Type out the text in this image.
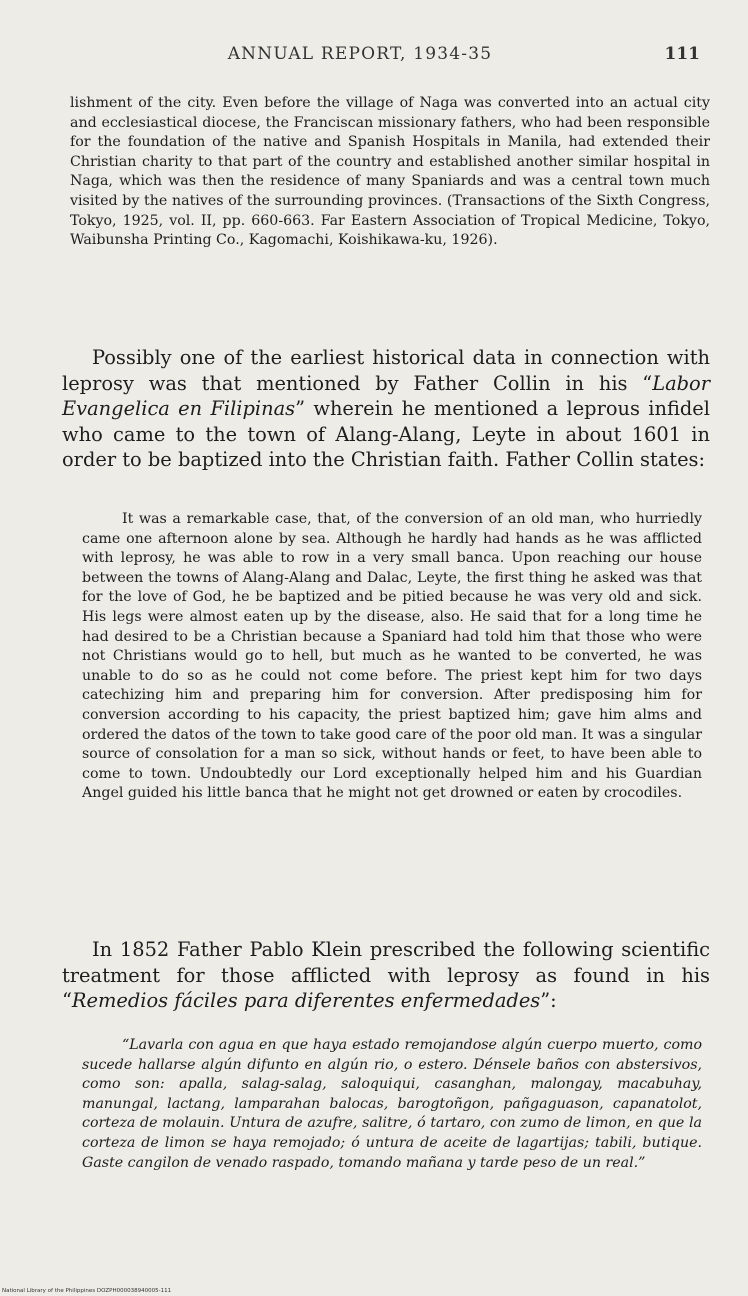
ANNUAL REPORT, 1934-35	111

lishment of the city. Even before the village of Naga was converted into an actual city and ecclesiastical diocese, the Franciscan missionary fathers, who had been responsible for the foundation of the native and Spanish Hospitals in Manila, had extended their Christian charity to that part of the country and established another similar hospital in Naga, which was then the residence of many Spaniards and was a central town much visited by the natives of the surrounding provinces. (Transactions of the Sixth Congress, Tokyo, 1925, vol. II, pp. 660-663. Far Eastern Association of Tropical Medicine, Tokyo, Waibunsha Printing Co., Kagomachi, Koishikawa-ku, 1926).

Possibly one of the earliest historical data in connection with leprosy was that mentioned by Father Collin in his “Labor Evangelica en Filipinas” wherein he mentioned a leprous infidel who came to the town of Alang-Alang, Leyte in about 1601 in order to be baptized into the Christian faith. Father Collin states:

It was a remarkable case, that, of the conversion of an old man, who hurriedly came one afternoon alone by sea. Although he hardly had hands as he was afflicted with leprosy, he was able to row in a very small banca. Upon reaching our house between the towns of Alang-Alang and Dalac, Leyte, the first thing he asked was that for the love of God, he be baptized and be pitied because he was very old and sick. His legs were almost eaten up by the disease, also. He said that for a long time he had desired to be a Christian because a Spaniard had told him that those who were not Christians would go to hell, but much as he wanted to be converted, he was unable to do so as he could not come before. The priest kept him for two days catechizing him and preparing him for conversion. After predisposing him for conversion according to his capacity, the priest baptized him; gave him alms and ordered the datos of the town to take good care of the poor old man. It was a singular source of consolation for a man so sick, without hands or feet, to have been able to come to town. Undoubtedly our Lord exceptionally helped him and his Guardian Angel guided his little banca that he might not get drowned or eaten by crocodiles.

In 1852 Father Pablo Klein prescribed the following scientific treatment for those afflicted with leprosy as found in his “Remedios fáciles para diferentes enfermedades”:

“Lavarla con agua en que haya estado remojandose algún cuerpo muerto, como sucede hallarse algún difunto en algún rio, o estero. Dénsele baños con abstersivos, como son: apalla, salag-salag, saloquiqui, casanghan, malongay, macabuhay, manungal, lactang, lamparahan balocas, barogtoñgon, pañgaguason, capanatolot, corteza de molauin. Untura de azufre, salitre, ó tartaro, con zumo de limon, en que la corteza de limon se haya remojado; ó untura de aceite de lagartijas; tabili, butique. Gaste cangilon de venado raspado, tomando mañana y tarde peso de un real.”

National Library of the Philippines DOZPH000038940005-111
